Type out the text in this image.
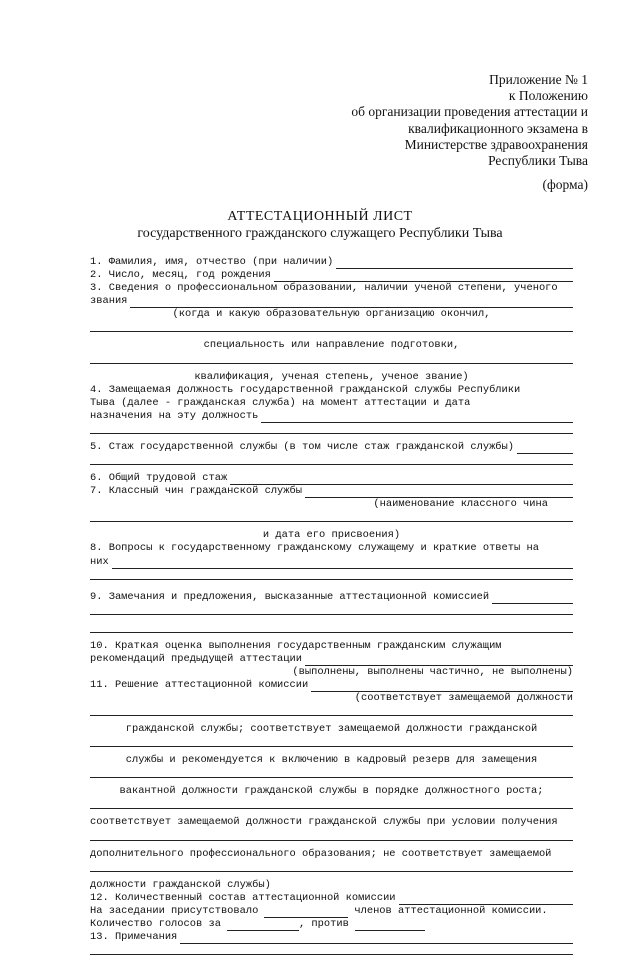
Приложение № 1
к Положению
об организации проведения аттестации и
квалификационного экзамена в
Министерстве здравоохранения
Республики Тыва
(форма)
АТТЕСТАЦИОННЫЙ ЛИСТ
государственного гражданского служащего Республики Тыва
1. Фамилия, имя, отчество (при наличии)
2. Число, месяц, год рождения
3. Сведения о профессиональном образовании, наличии ученой степени, ученого
звания
(когда и какую образовательную организацию окончил,
специальность или направление подготовки,
квалификация, ученая степень, ученое звание)
4. Замещаемая должность государственной гражданской службы Республики
Тыва (далее - гражданская служба) на момент аттестации и дата
назначения на эту должность
5. Стаж государственной службы (в том числе стаж гражданской службы)
6. Общий трудовой стаж
7. Классный чин гражданской службы
(наименование классного чина
и дата его присвоения)
8. Вопросы к государственному гражданскому служащему и краткие ответы на
них
9. Замечания и предложения, высказанные аттестационной комиссией
10. Краткая оценка выполнения государственным гражданским служащим
рекомендаций предыдущей аттестации
(выполнены, выполнены частично, не выполнены)
11. Решение аттестационной комиссии
(соответствует замещаемой должности
гражданской службы; соответствует замещаемой должности гражданской
службы и рекомендуется к включению в кадровый резерв для замещения
вакантной должности гражданской службы в порядке должностного роста;
соответствует замещаемой должности гражданской службы при условии получения
дополнительного профессионального образования; не соответствует замещаемой
должности гражданской службы)
12. Количественный состав аттестационной комиссии
На заседании присутствовало	членов аттестационной комиссии.
Количество голосов за	, против
13. Примечания
